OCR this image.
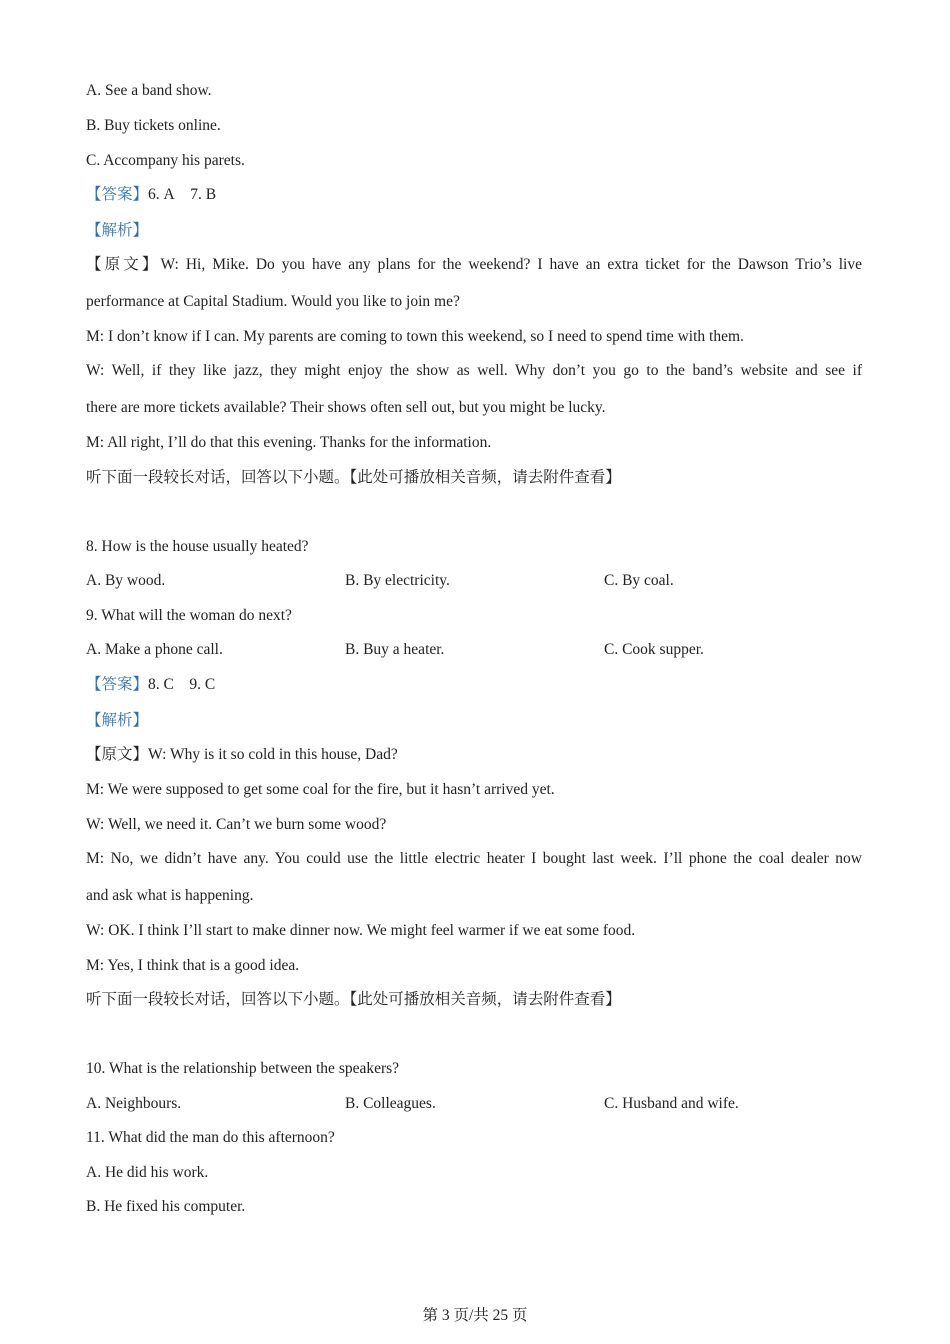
A. See a band show.
B. Buy tickets online.
C. Accompany his parets.
【答案】6. A    7. B
【解析】
【原文】W: Hi, Mike. Do you have any plans for the weekend? I have an extra ticket for the Dawson Trio’s live
performance at Capital Stadium. Would you like to join me?
M: I don’t know if I can. My parents are coming to town this weekend, so I need to spend time with them.
W: Well, if they like jazz, they might enjoy the show as well. Why don’t you go to the band’s website and see if
there are more tickets available? Their shows often sell out, but you might be lucky.
M: All right, I’ll do that this evening. Thanks for the information.
听下面一段较长对话，回答以下小题。【此处可播放相关音频，请去附件查看】
8. How is the house usually heated?
A. By wood.	B. By electricity.	C. By coal.
9. What will the woman do next?
A. Make a phone call.	B. Buy a heater.	C. Cook supper.
【答案】8. C    9. C
【解析】
【原文】W: Why is it so cold in this house, Dad?
M: We were supposed to get some coal for the fire, but it hasn’t arrived yet.
W: Well, we need it. Can’t we burn some wood?
M: No, we didn’t have any. You could use the little electric heater I bought last week. I’ll phone the coal dealer now
and ask what is happening.
W: OK. I think I’ll start to make dinner now. We might feel warmer if we eat some food.
M: Yes, I think that is a good idea.
听下面一段较长对话，回答以下小题。【此处可播放相关音频，请去附件查看】
10. What is the relationship between the speakers?
A. Neighbours.	B. Colleagues.	C. Husband and wife.
11. What did the man do this afternoon?
A. He did his work.
B. He fixed his computer.
第 3 页/共 25 页
